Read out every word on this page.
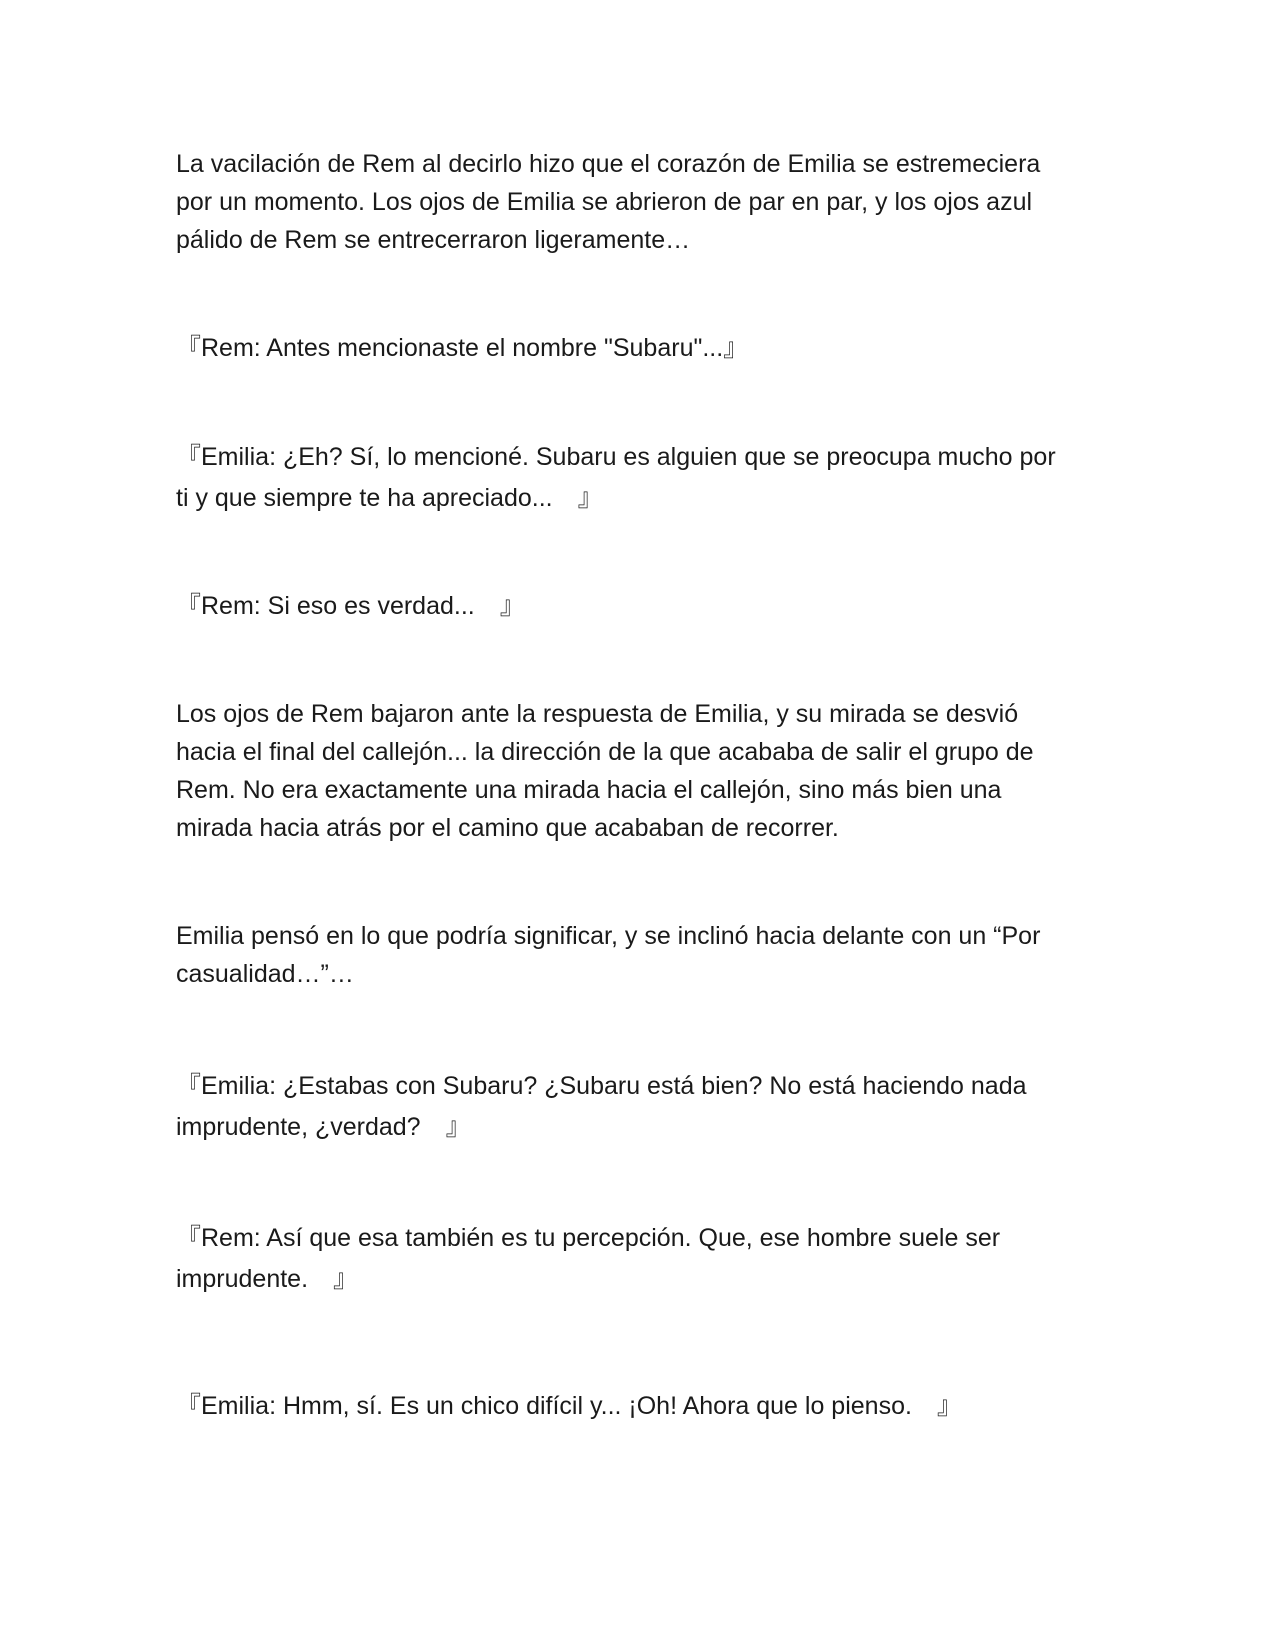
La vacilación de Rem al decirlo hizo que el corazón de Emilia se estremeciera
por un momento. Los ojos de Emilia se abrieron de par en par, y los ojos azul
pálido de Rem se entrecerraron ligeramente…

『Rem: Antes mencionaste el nombre "Subaru"...』

『Emilia: ¿Eh? Sí, lo mencioné. Subaru es alguien que se preocupa mucho por
ti y que siempre te ha apreciado...　』

『Rem: Si eso es verdad...　』

Los ojos de Rem bajaron ante la respuesta de Emilia, y su mirada se desvió
hacia el final del callejón... la dirección de la que acababa de salir el grupo de
Rem. No era exactamente una mirada hacia el callejón, sino más bien una
mirada hacia atrás por el camino que acababan de recorrer.

Emilia pensó en lo que podría significar, y se inclinó hacia delante con un “Por
casualidad…”…

『Emilia: ¿Estabas con Subaru? ¿Subaru está bien? No está haciendo nada
imprudente, ¿verdad?　』

『Rem: Así que esa también es tu percepción. Que, ese hombre suele ser
imprudente.　』

『Emilia: Hmm, sí. Es un chico difícil y... ¡Oh! Ahora que lo pienso.　』
